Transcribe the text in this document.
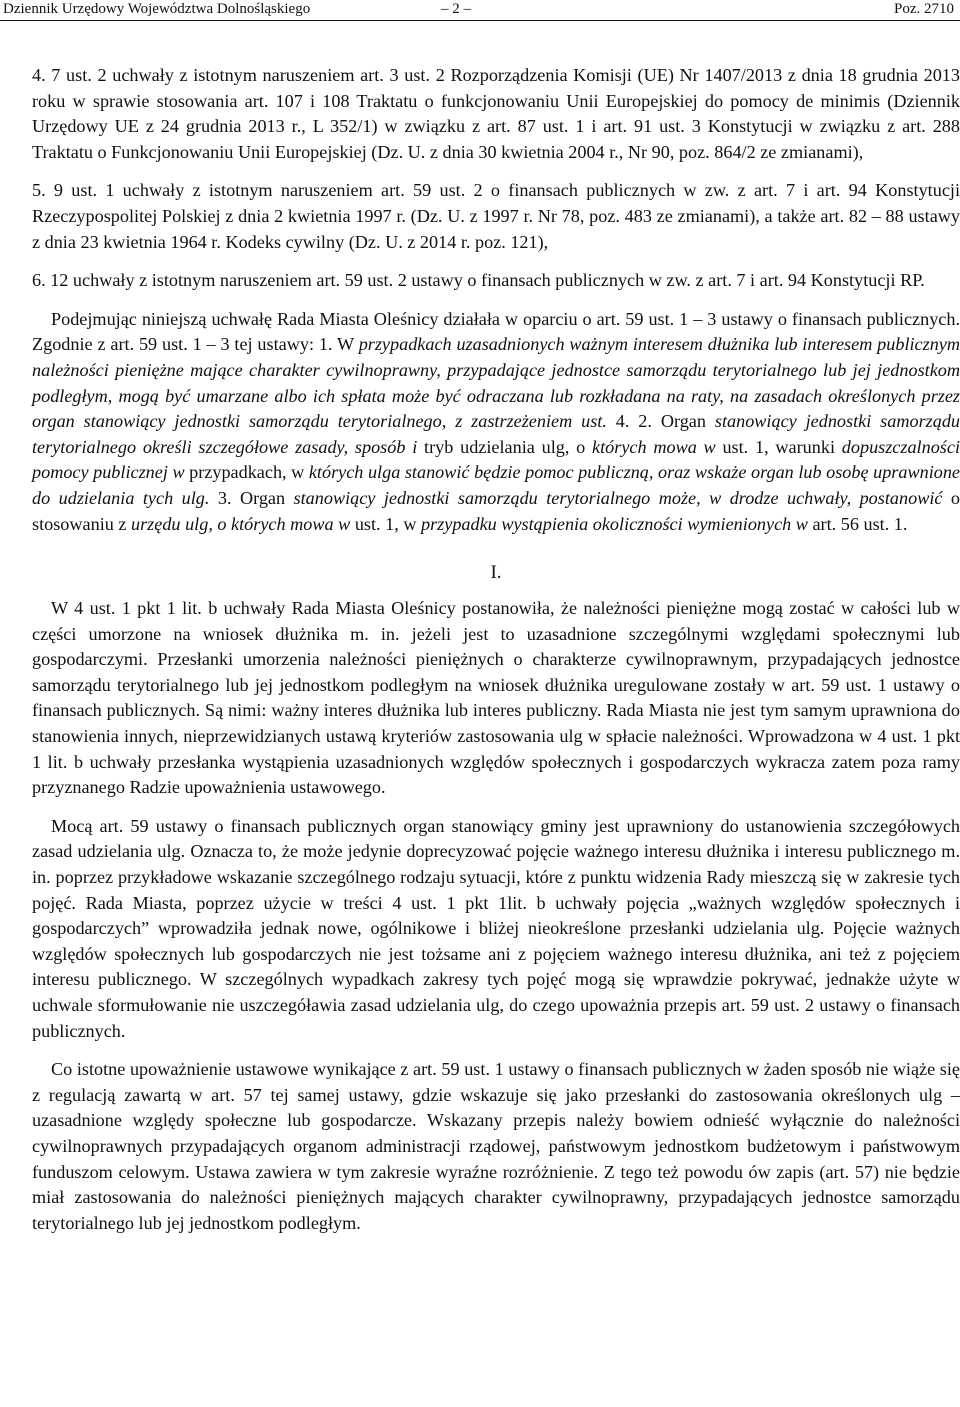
Dziennik Urzędowy Województwa Dolnośląskiego	– 2 –	Poz. 2710

4. 7 ust. 2 uchwały z istotnym naruszeniem art. 3 ust. 2 Rozporządzenia Komisji (UE) Nr 1407/2013 z dnia 18 grudnia 2013 roku w sprawie stosowania art. 107 i 108 Traktatu o funkcjonowaniu Unii Europejskiej do pomocy de minimis (Dziennik Urzędowy UE z 24 grudnia 2013 r., L 352/1) w związku z art. 87 ust. 1 i art. 91 ust. 3 Konstytucji w związku z art. 288 Traktatu o Funkcjonowaniu Unii Europejskiej (Dz. U. z dnia 30 kwietnia 2004 r., Nr 90, poz. 864/2 ze zmianami),

5. 9 ust. 1 uchwały z istotnym naruszeniem art. 59 ust. 2 o finansach publicznych w zw. z art. 7 i art. 94 Konstytucji Rzeczypospolitej Polskiej z dnia 2 kwietnia 1997 r. (Dz. U. z 1997 r. Nr 78, poz. 483 ze zmianami), a także art. 82 – 88 ustawy z dnia 23 kwietnia 1964 r. Kodeks cywilny (Dz. U. z 2014 r. poz. 121),

6. 12 uchwały z istotnym naruszeniem art. 59 ust. 2 ustawy o finansach publicznych w zw. z art. 7 i art. 94 Konstytucji RP.

Podejmując niniejszą uchwałę Rada Miasta Oleśnicy działała w oparciu o art. 59 ust. 1 – 3 ustawy o finansach publicznych. Zgodnie z art. 59 ust. 1 – 3 tej ustawy: 1. W przypadkach uzasadnionych ważnym interesem dłużnika lub interesem publicznym należności pieniężne mające charakter cywilnoprawny, przypadające jednostce samorządu terytorialnego lub jej jednostkom podległym, mogą być umarzane albo ich spłata może być odraczana lub rozkładana na raty, na zasadach określonych przez organ stanowiący jednostki samorządu terytorialnego, z zastrzeżeniem ust. 4. 2. Organ stanowiący jednostki samorządu terytorialnego określi szczegółowe zasady, sposób i tryb udzielania ulg, o których mowa w ust. 1, warunki dopuszczalności pomocy publicznej w przypadkach, w których ulga stanowić będzie pomoc publiczną, oraz wskaże organ lub osobę uprawnione do udzielania tych ulg. 3. Organ stanowiący jednostki samorządu terytorialnego może, w drodze uchwały, postanowić o stosowaniu z urzędu ulg, o których mowa w ust. 1, w przypadku wystąpienia okoliczności wymienionych w art. 56 ust. 1.

I.

W 4 ust. 1 pkt 1 lit. b uchwały Rada Miasta Oleśnicy postanowiła, że należności pieniężne mogą zostać w całości lub w części umorzone na wniosek dłużnika m. in. jeżeli jest to uzasadnione szczególnymi względami społecznymi lub gospodarczymi. Przesłanki umorzenia należności pieniężnych o charakterze cywilnoprawnym, przypadających jednostce samorządu terytorialnego lub jej jednostkom podległym na wniosek dłużnika uregulowane zostały w art. 59 ust. 1 ustawy o finansach publicznych. Są nimi: ważny interes dłużnika lub interes publiczny. Rada Miasta nie jest tym samym uprawniona do stanowienia innych, nieprzewidzianych ustawą kryteriów zastosowania ulg w spłacie należności. Wprowadzona w 4 ust. 1 pkt 1 lit. b uchwały przesłanka wystąpienia uzasadnionych względów społecznych i gospodarczych wykracza zatem poza ramy przyznanego Radzie upoważnienia ustawowego.

Mocą art. 59 ustawy o finansach publicznych organ stanowiący gminy jest uprawniony do ustanowienia szczegółowych zasad udzielania ulg. Oznacza to, że może jedynie doprecyzować pojęcie ważnego interesu dłużnika i interesu publicznego m. in. poprzez przykładowe wskazanie szczególnego rodzaju sytuacji, które z punktu widzenia Rady mieszczą się w zakresie tych pojęć. Rada Miasta, poprzez użycie w treści 4 ust. 1 pkt 1lit. b uchwały pojęcia „ważnych względów społecznych i gospodarczych” wprowadziła jednak nowe, ogólnikowe i bliżej nieokreślone przesłanki udzielania ulg. Pojęcie ważnych względów społecznych lub gospodarczych nie jest tożsame ani z pojęciem ważnego interesu dłużnika, ani też z pojęciem interesu publicznego. W szczególnych wypadkach zakresy tych pojęć mogą się wprawdzie pokrywać, jednakże użyte w uchwale sformułowanie nie uszczegóławia zasad udzielania ulg, do czego upoważnia przepis art. 59 ust. 2 ustawy o finansach publicznych.

Co istotne upoważnienie ustawowe wynikające z art. 59 ust. 1 ustawy o finansach publicznych w żaden sposób nie wiąże się z regulacją zawartą w art. 57 tej samej ustawy, gdzie wskazuje się jako przesłanki do zastosowania określonych ulg – uzasadnione względy społeczne lub gospodarcze. Wskazany przepis należy bowiem odnieść wyłącznie do należności cywilnoprawnych przypadających organom administracji rządowej, państwowym jednostkom budżetowym i państwowym funduszom celowym. Ustawa zawiera w tym zakresie wyraźne rozróżnienie. Z tego też powodu ów zapis (art. 57) nie będzie miał zastosowania do należności pieniężnych mających charakter cywilnoprawny, przypadających jednostce samorządu terytorialnego lub jej jednostkom podległym.
